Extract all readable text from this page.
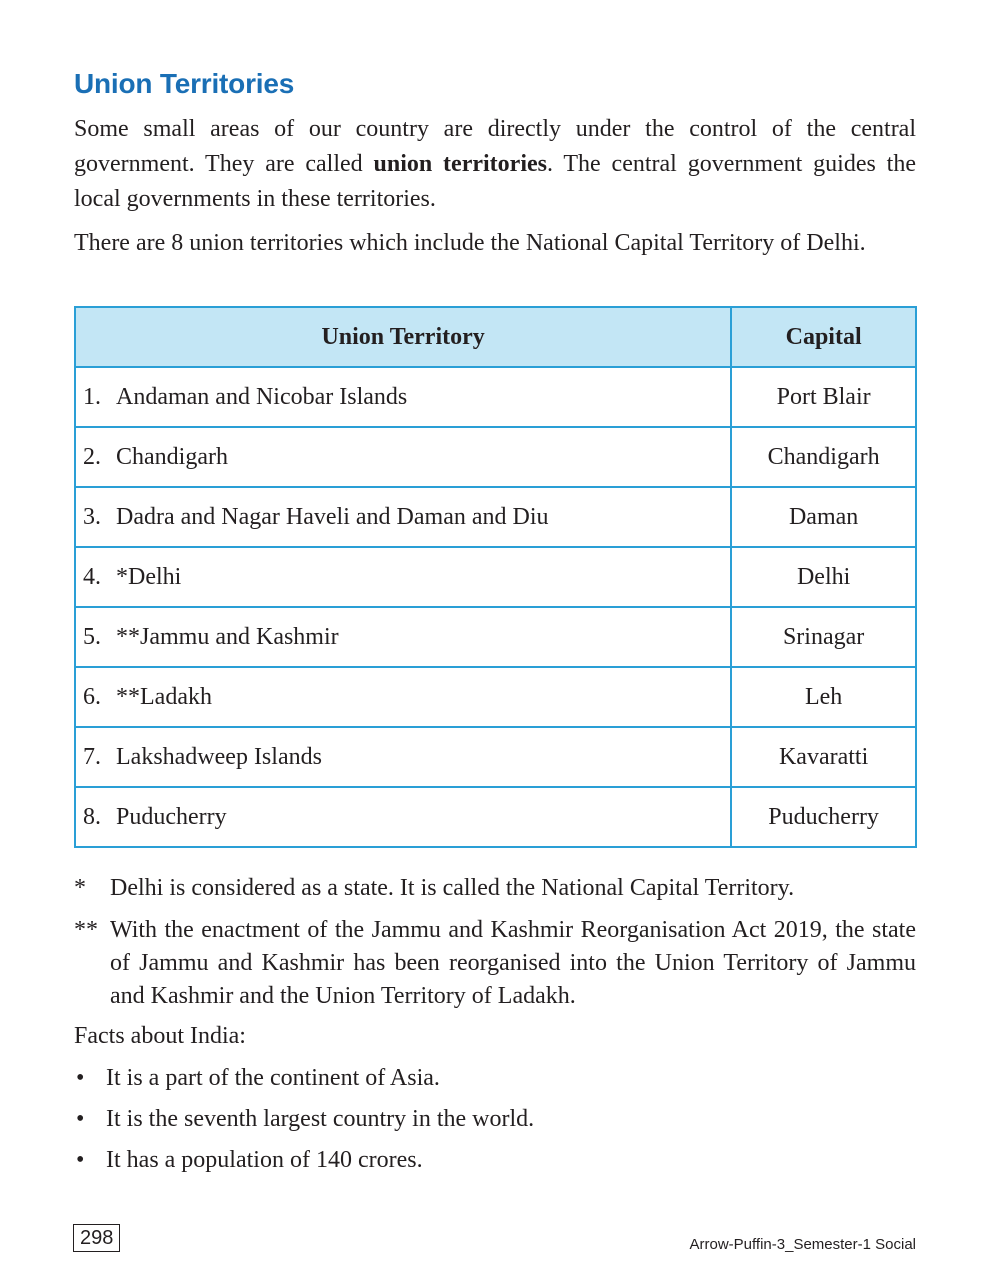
Union Territories

Some small areas of our country are directly under the control of the central government. They are called union territories. The central government guides the local governments in these territories.

There are 8 union territories which include the National Capital Territory of Delhi.

Union Territory	Capital
1. Andaman and Nicobar Islands	Port Blair
2. Chandigarh	Chandigarh
3. Dadra and Nagar Haveli and Daman and Diu	Daman
4. *Delhi	Delhi
5. **Jammu and Kashmir	Srinagar
6. **Ladakh	Leh
7. Lakshadweep Islands	Kavaratti
8. Puducherry	Puducherry
*	Delhi is considered as a state. It is called the National Capital Territory.
** With the enactment of the Jammu and Kashmir Reorganisation Act 2019, the state of Jammu and Kashmir has been reorganised into the Union Territory of Jammu and Kashmir and the Union Territory of Ladakh.

Facts about India:

• It is a part of the continent of Asia.
• It is the seventh largest country in the world.
• It has a population of 140 crores.
298	Arrow-Puffin-3_Semester-1 Social
